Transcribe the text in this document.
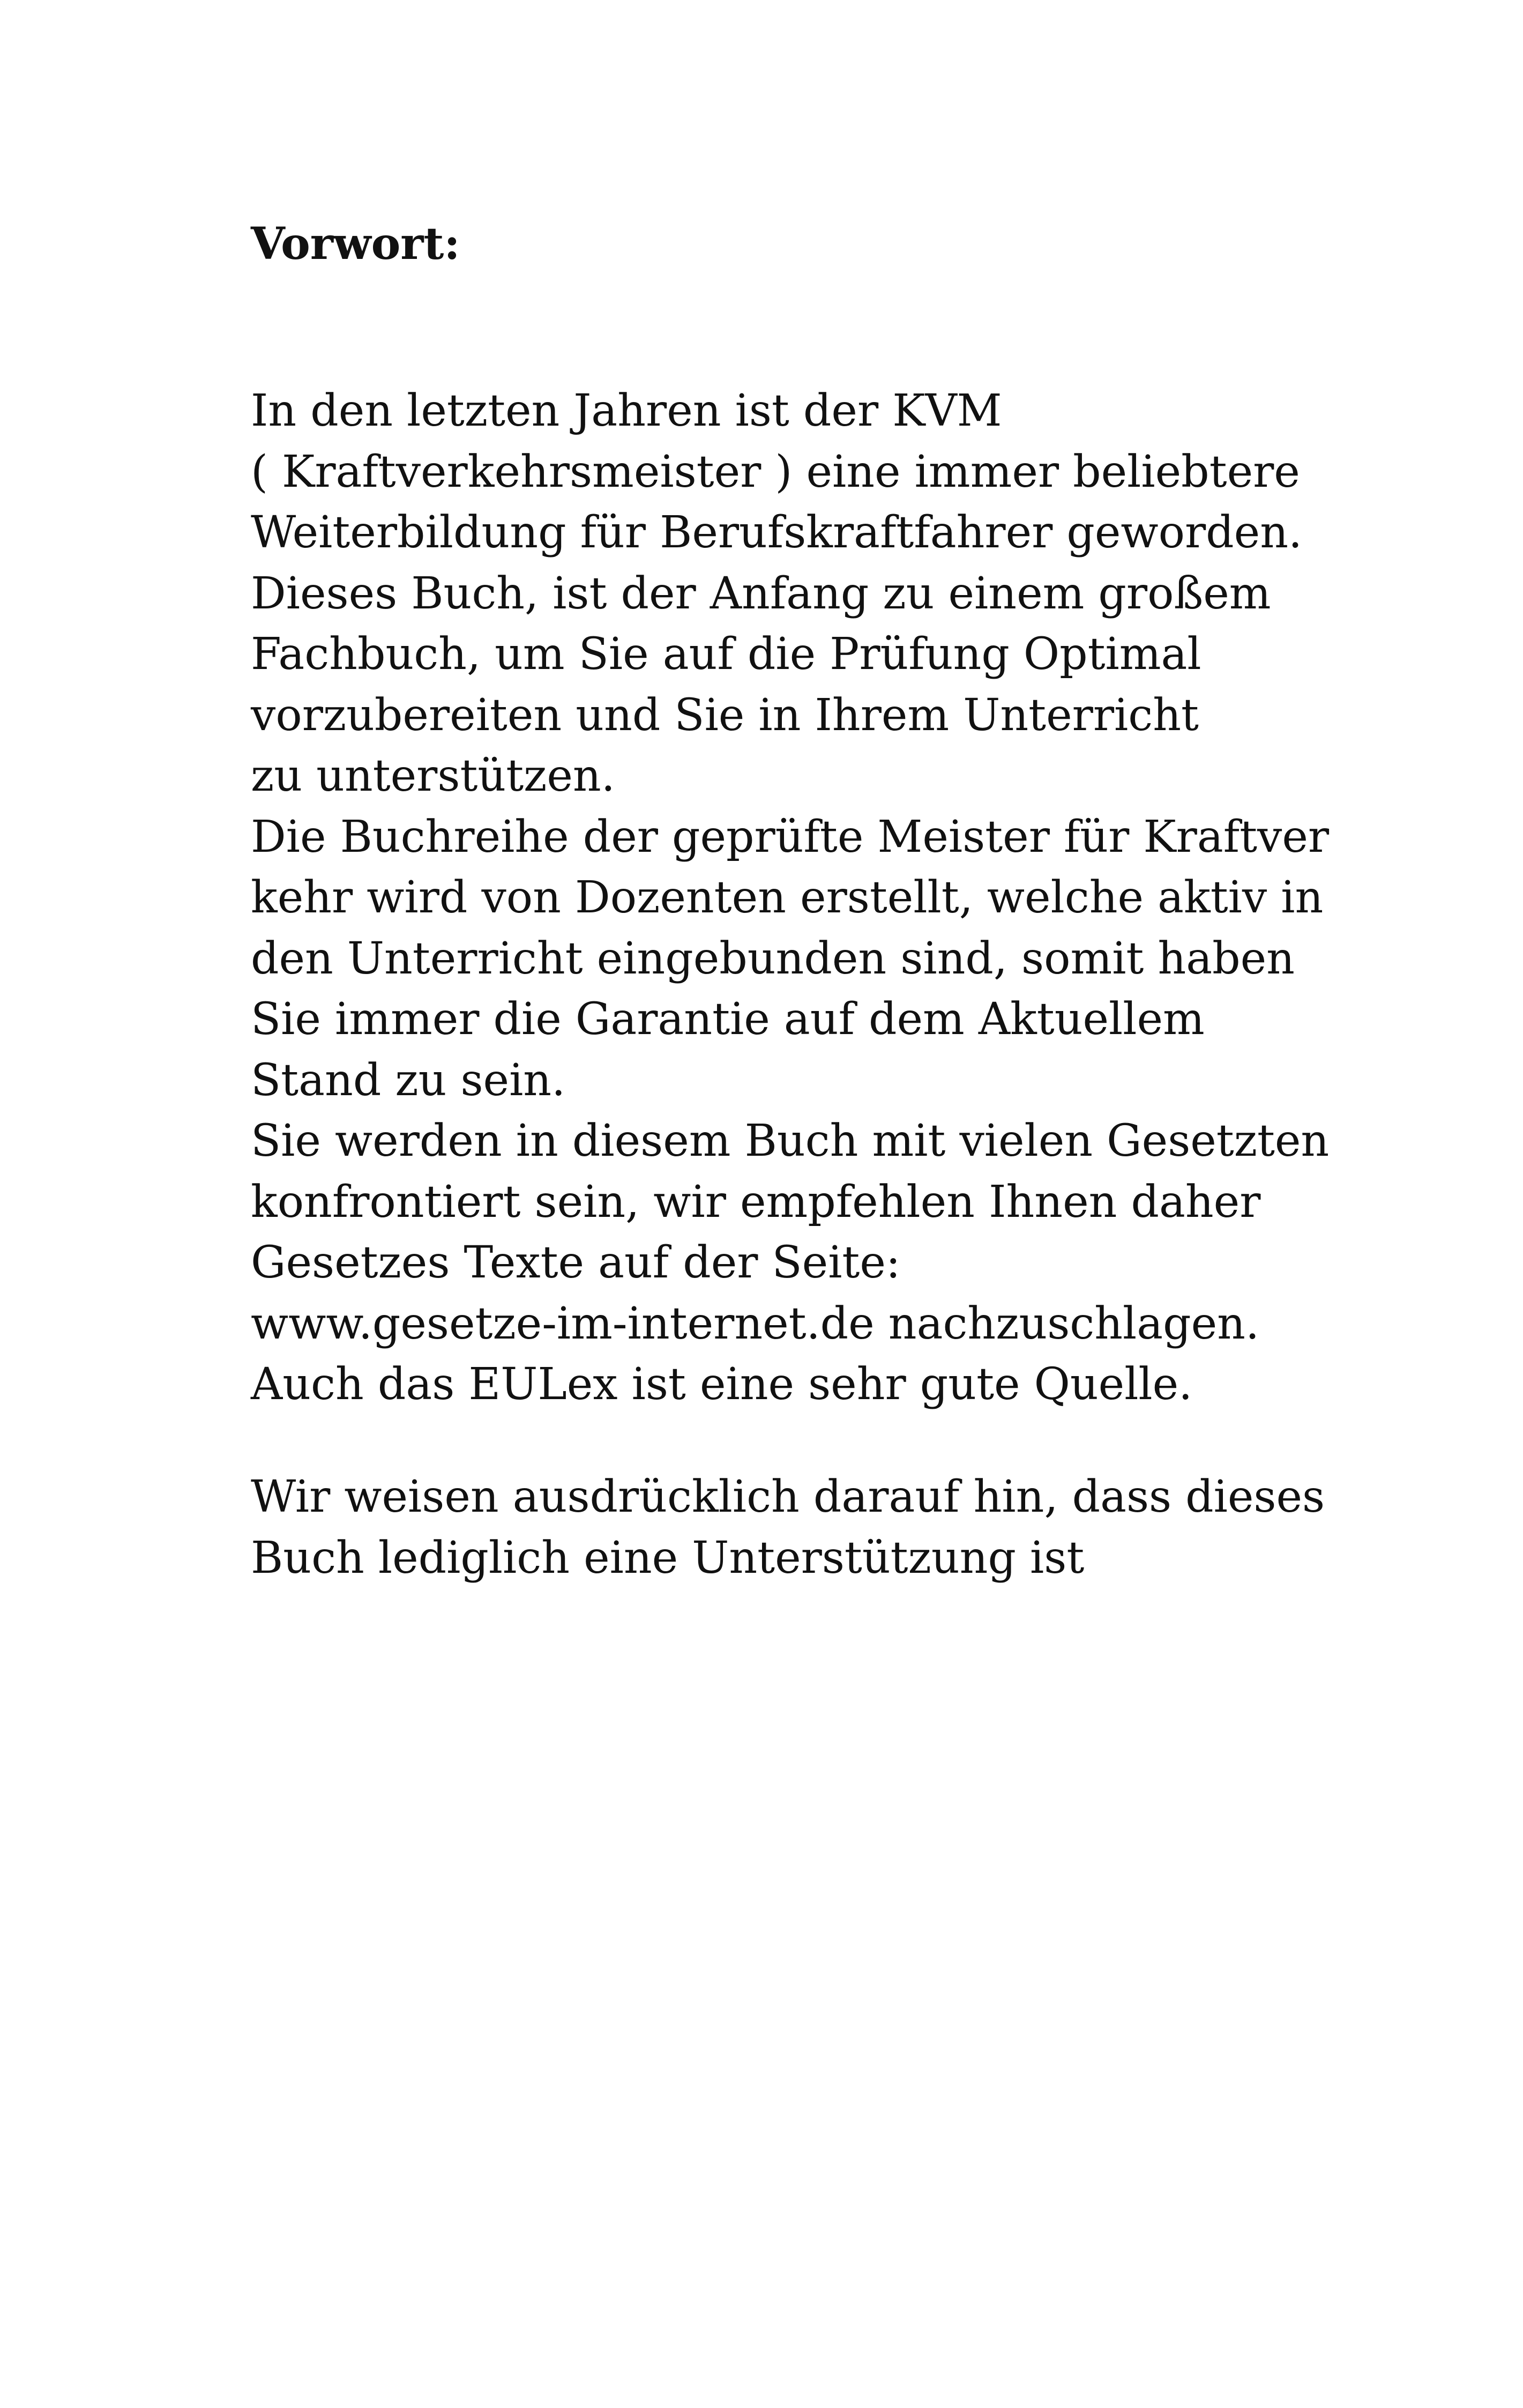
Vorwort:

In den letzten Jahren ist der KVM
( Kraftverkehrsmeister ) eine immer beliebtere
Weiterbildung für Berufskraftfahrer geworden.
Dieses Buch, ist der Anfang zu einem großem
Fachbuch, um Sie auf die Prüfung Optimal
vorzubereiten und Sie in Ihrem Unterricht
zu unterstützen.
Die Buchreihe der geprüfte Meister für Kraftver
kehr wird von Dozenten erstellt, welche aktiv in
den Unterricht eingebunden sind, somit haben
Sie immer die Garantie auf dem Aktuellem
Stand zu sein.
Sie werden in diesem Buch mit vielen Gesetzten
konfrontiert sein, wir empfehlen Ihnen daher
Gesetzes Texte auf der Seite:
www.gesetze-im-internet.de nachzuschlagen.
Auch das EULex ist eine sehr gute Quelle.

Wir weisen ausdrücklich darauf hin, dass dieses
Buch lediglich eine Unterstützung ist
